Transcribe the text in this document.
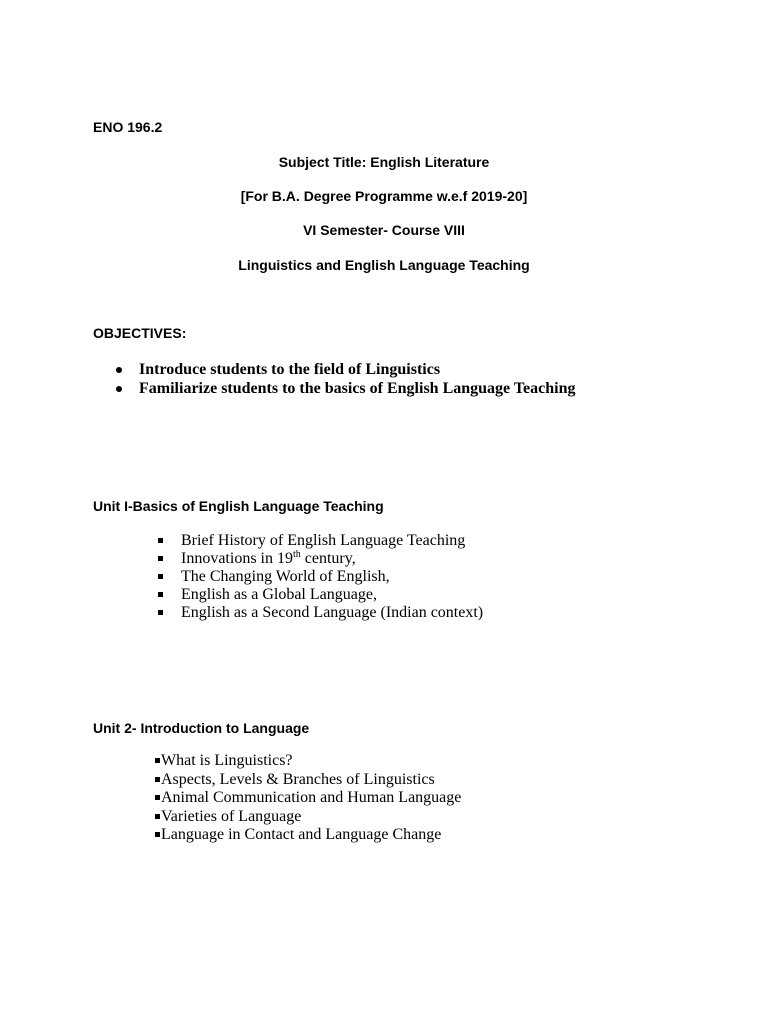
ENO 196.2
Subject Title: English Literature
[For B.A. Degree Programme w.e.f 2019-20]
VI Semester- Course VIII
Linguistics and English Language Teaching
OBJECTIVES:
Introduce students to the field of Linguistics
Familiarize students to the basics of English Language Teaching
Unit I-Basics of English Language Teaching
Brief History of English Language Teaching
Innovations in 19th century,
The Changing World of English,
English as a Global Language,
English as a Second Language (Indian context)
Unit 2- Introduction to Language
What is Linguistics?
Aspects, Levels & Branches of Linguistics
Animal Communication and Human Language
Varieties of Language
Language in Contact and Language Change
